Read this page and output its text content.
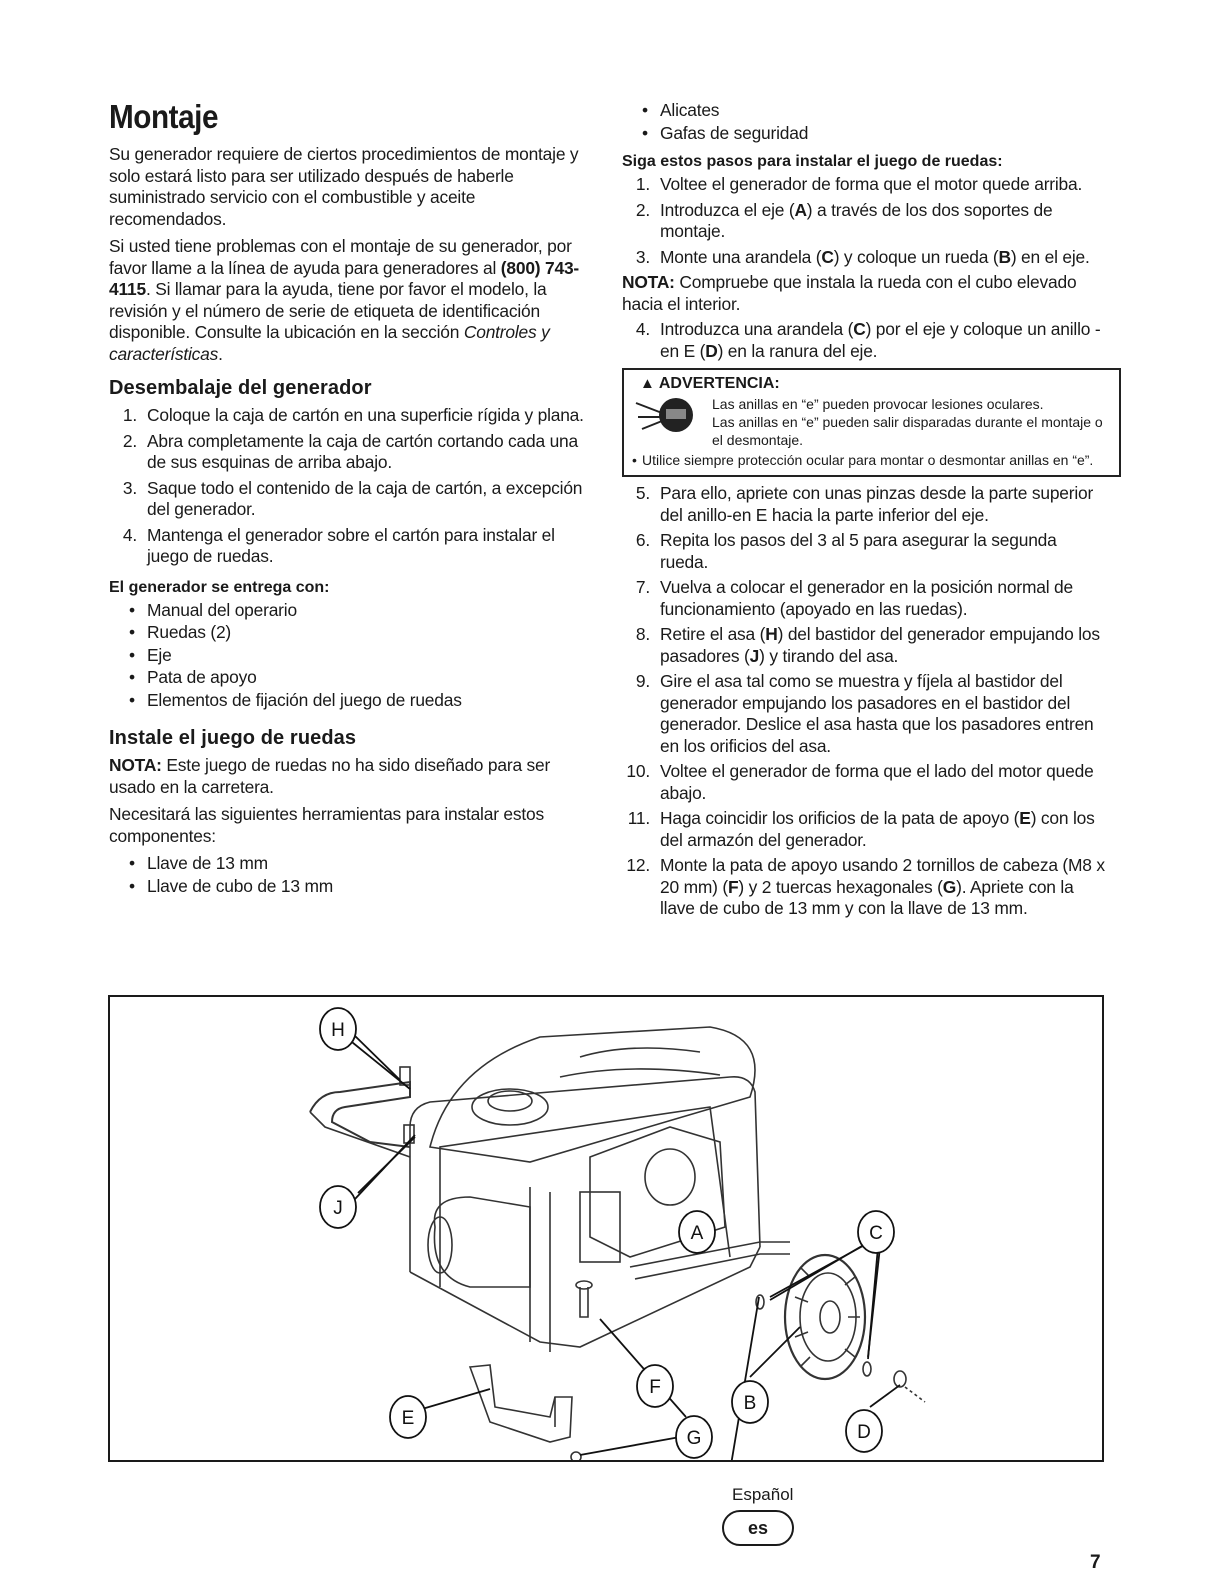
Montaje

Su generador requiere de ciertos procedimientos de montaje y solo estará listo para ser utilizado después de haberle suministrado servicio con el combustible y aceite recomendados.

Si usted tiene problemas con el montaje de su generador, por favor llame a la línea de ayuda para generadores al (800) 743-4115. Si llamar para la ayuda, tiene por favor el modelo, la revisión y el número de serie de etiqueta de identificación disponible. Consulte la ubicación en la sección Controles y características.

Desembalaje del generador
1. Coloque la caja de cartón en una superficie rígida y plana.
2. Abra completamente la caja de cartón cortando cada una de sus esquinas de arriba abajo.
3. Saque todo el contenido de la caja de cartón, a excepción del generador.
4. Mantenga el generador sobre el cartón para instalar el juego de ruedas.
El generador se entrega con:
• Manual del operario
• Ruedas (2)
• Eje
• Pata de apoyo
• Elementos de fijación del juego de ruedas
Instale el juego de ruedas

NOTA: Este juego de ruedas no ha sido diseñado para ser usado en la carretera.

Necesitará las siguientes herramientas para instalar estos componentes:

• Llave de 13 mm
• Llave de cubo de 13 mm
• Alicates
• Gafas de seguridad
Siga estos pasos para instalar el juego de ruedas:
1. Voltee el generador de forma que el motor quede arriba.
2. Introduzca el eje (A) a través de los dos soportes de montaje.
3. Monte una arandela (C) y coloque un rueda (B) en el eje.

NOTA: Compruebe que instala la rueda con el cubo elevado hacia el interior.

4. Introduzca una arandela (C) por el eje y coloque un anillo -en E (D) en la ranura del eje.
▲ ADVERTENCIA:
Las anillas en “e” pueden provocar lesiones oculares.
Las anillas en “e” pueden salir disparadas durante el montaje o el desmontaje.
• Utilice siempre protección ocular para montar o desmontar anillas en “e”.
5. Para ello, apriete con unas pinzas desde la parte superior del anillo-en E hacia la parte inferior del eje.
6. Repita los pasos del 3 al 5 para asegurar la segunda rueda.
7. Vuelva a colocar el generador en la posición normal de funcionamiento (apoyado en las ruedas).
8. Retire el asa (H) del bastidor del generador empujando los pasadores (J) y tirando del asa.
9. Gire el asa tal como se muestra y fíjela al bastidor del generador empujando los pasadores en el bastidor del generador. Deslice el asa hasta que los pasadores entren en los orificios del asa.
10. Voltee el generador de forma que el lado del motor quede abajo.
11. Haga coincidir los orificios de la pata de apoyo (E) con los del armazón del generador.
12. Monte la pata de apoyo usando 2 tornillos de cabeza (M8 x 20 mm) (F) y 2 tuercas hexagonales (G). Apriete con la llave de cubo de 13 mm y con la llave de 13 mm.
H
J
C
A
F
E
B
G	D
Español
es
7
